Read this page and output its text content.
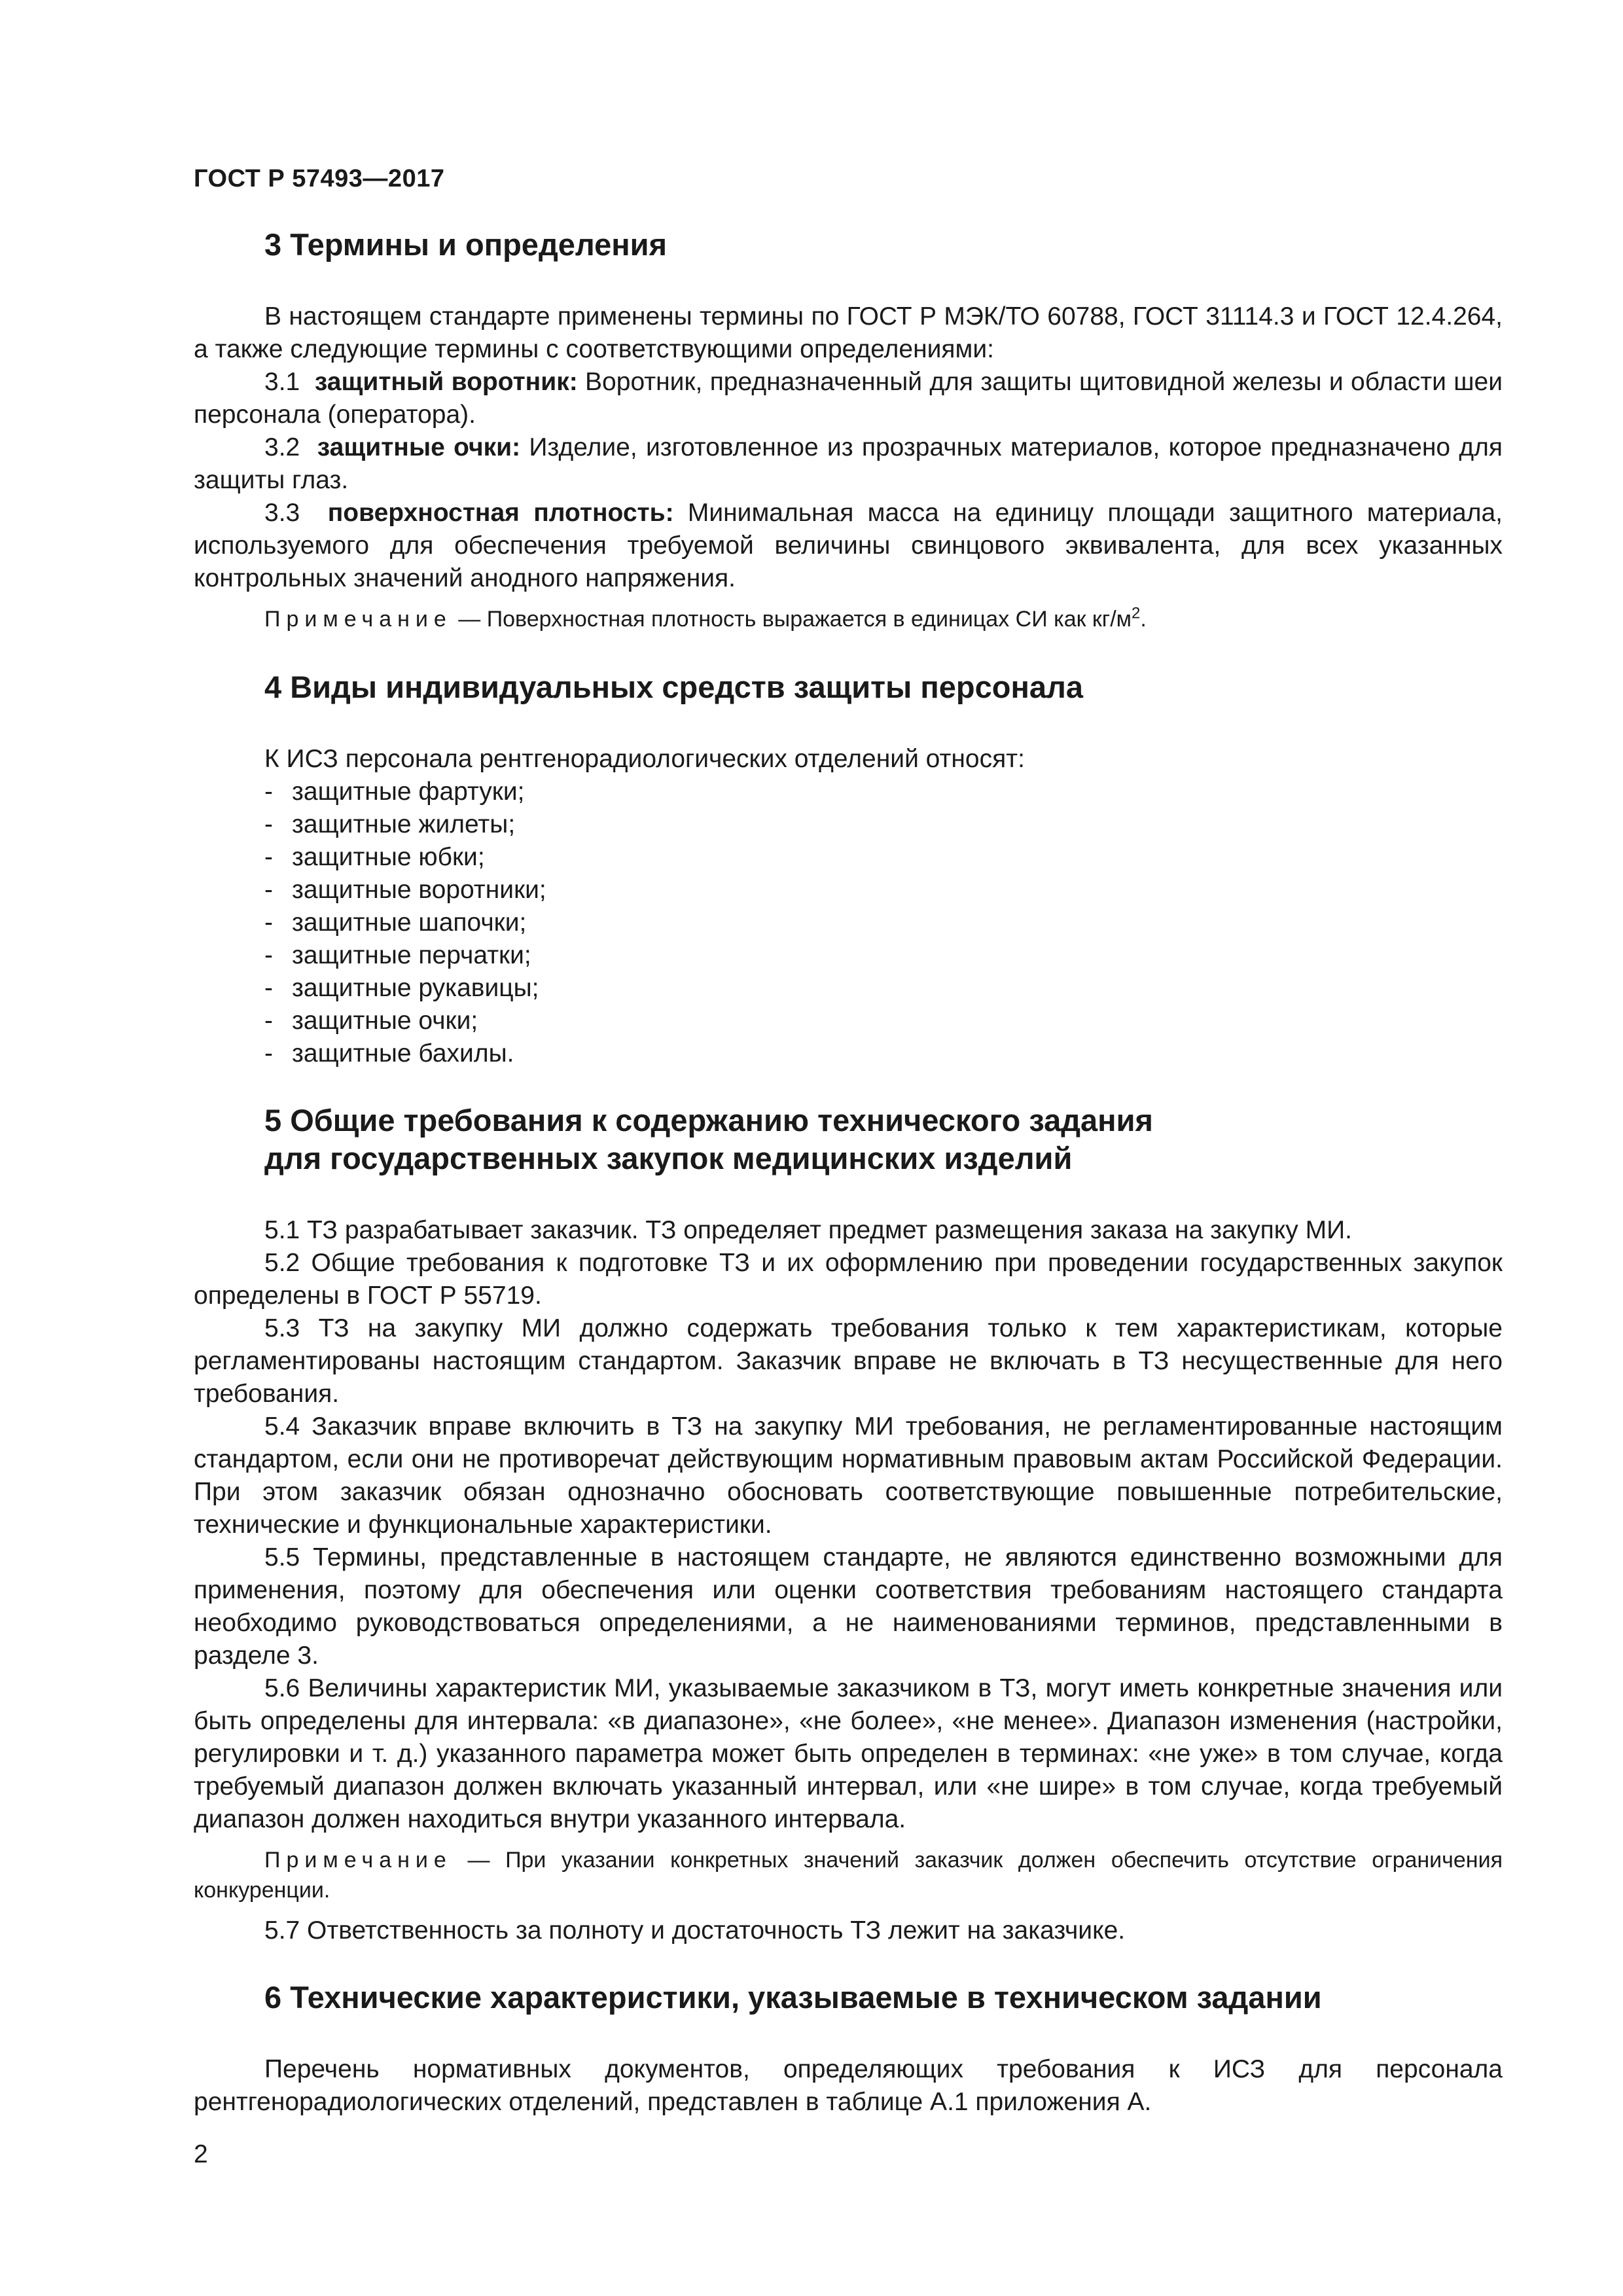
ГОСТ Р 57493—2017
3 Термины и определения

В настоящем стандарте применены термины по ГОСТ Р МЭК/ТО 60788, ГОСТ 31114.3 и ГОСТ 12.4.264, а также следующие термины с соответствующими определениями:

3.1 защитный воротник: Воротник, предназначенный для защиты щитовидной железы и области шеи персонала (оператора).

3.2 защитные очки: Изделие, изготовленное из прозрачных материалов, которое предназначено для защиты глаз.

3.3 поверхностная плотность: Минимальная масса на единицу площади защитного материала, используемого для обеспечения требуемой величины свинцового эквивалента, для всех указанных контрольных значений анодного напряжения.

Примечание — Поверхностная плотность выражается в единицах СИ как $кг/м^2$.

4 Виды индивидуальных средств защиты персонала

К ИСЗ персонала рентгенорадиологических отделений относят:

- защитные фартуки;
- защитные жилеты;
- защитные юбки;
- защитные воротники;
- защитные шапочки;
- защитные перчатки;
- защитные рукавицы;
- защитные очки;
- защитные бахилы.
5 Общие требования к содержанию технического задания
для государственных закупок медицинских изделий

5.1 ТЗ разрабатывает заказчик. ТЗ определяет предмет размещения заказа на закупку МИ.

5.2 Общие требования к подготовке ТЗ и их оформлению при проведении государственных закупок определены в ГОСТ Р 55719.

5.3 ТЗ на закупку МИ должно содержать требования только к тем характеристикам, которые регламентированы настоящим стандартом. Заказчик вправе не включать в ТЗ несущественные для него требования.

5.4 Заказчик вправе включить в ТЗ на закупку МИ требования, не регламентированные настоящим стандартом, если они не противоречат действующим нормативным правовым актам Российской Федерации. При этом заказчик обязан однозначно обосновать соответствующие повышенные потребительские, технические и функциональные характеристики.

5.5 Термины, представленные в настоящем стандарте, не являются единственно возможными для применения, поэтому для обеспечения или оценки соответствия требованиям настоящего стандарта необходимо руководствоваться определениями, а не наименованиями терминов, представленными в разделе 3.

5.6 Величины характеристик МИ, указываемые заказчиком в ТЗ, могут иметь конкретные значения или быть определены для интервала: «в диапазоне», «не более», «не менее». Диапазон изменения (настройки, регулировки и т. д.) указанного параметра может быть определен в терминах: «не уже» в том случае, когда требуемый диапазон должен включать указанный интервал, или «не шире» в том случае, когда требуемый диапазон должен находиться внутри указанного интервала.

Примечание — При указании конкретных значений заказчик должен обеспечить отсутствие ограничения конкуренции.

5.7 Ответственность за полноту и достаточность ТЗ лежит на заказчике.

6 Технические характеристики, указываемые в техническом задании

Перечень нормативных документов, определяющих требования к ИСЗ для персонала рентгенорадиологических отделений, представлен в таблице А.1 приложения А.

2
